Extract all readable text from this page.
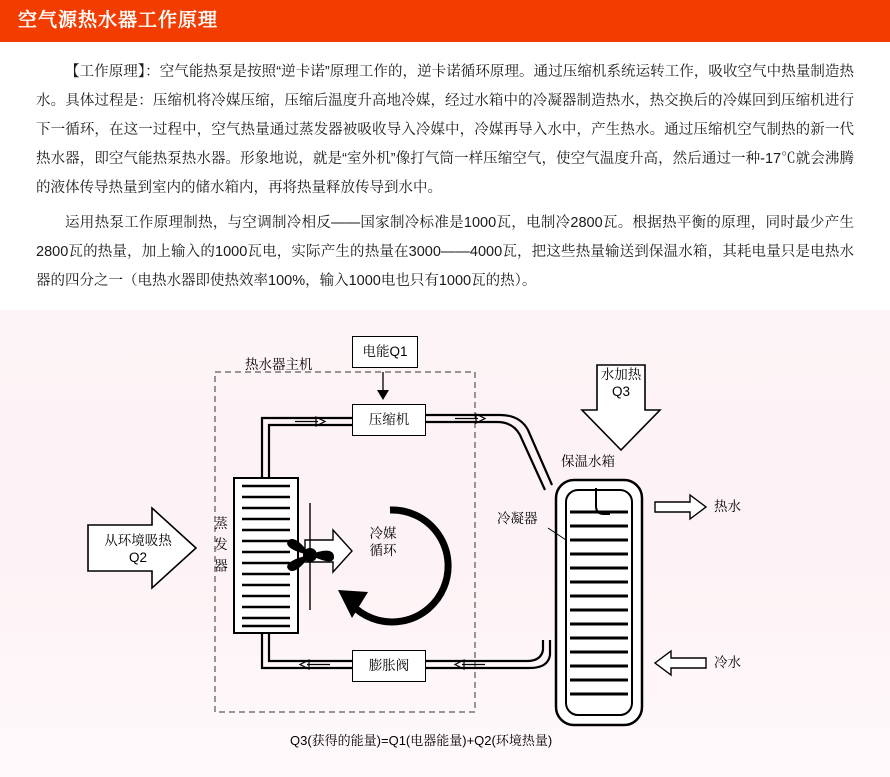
空气源热水器工作原理

【工作原理】：空气能热泵是按照“逆卡诺”原理工作的，逆卡诺循环原理。通过压缩机系统运转工作，吸收空气中热量制造热水。具体过程是：压缩机将冷媒压缩，压缩后温度升高地冷媒，经过水箱中的冷凝器制造热水，热交换后的冷媒回到压缩机进行下一循环，在这一过程中，空气热量通过蒸发器被吸收导入冷媒中，冷媒再导入水中，产生热水。通过压缩机空气制热的新一代热水器，即空气能热泵热水器。形象地说，就是“室外机”像打气筒一样压缩空气，使空气温度升高，然后通过一种-17℃就会沸腾的液体传导热量到室内的储水箱内，再将热量释放传导到水中。

运用热泵工作原理制热，与空调制冷相反——国家制冷标准是1000瓦，电制冷2800瓦。根据热平衡的原理，同时最少产生2800瓦的热量，加上输入的1000瓦电，实际产生的热量在3000——4000瓦，把这些热量输送到保温水箱，其耗电量只是电热水器的四分之一（电热水器即使热效率100%，输入1000电也只有1000瓦的热）。

热水器主机
电能Q1
压缩机
膨胀阀
水加热
Q3
保温水箱
从环境吸热
Q2	蒸 发 器	冷媒
循环
冷凝器
热水
冷水
Q3(获得的能量)=Q1(电器能量)+Q2(环境热量)
